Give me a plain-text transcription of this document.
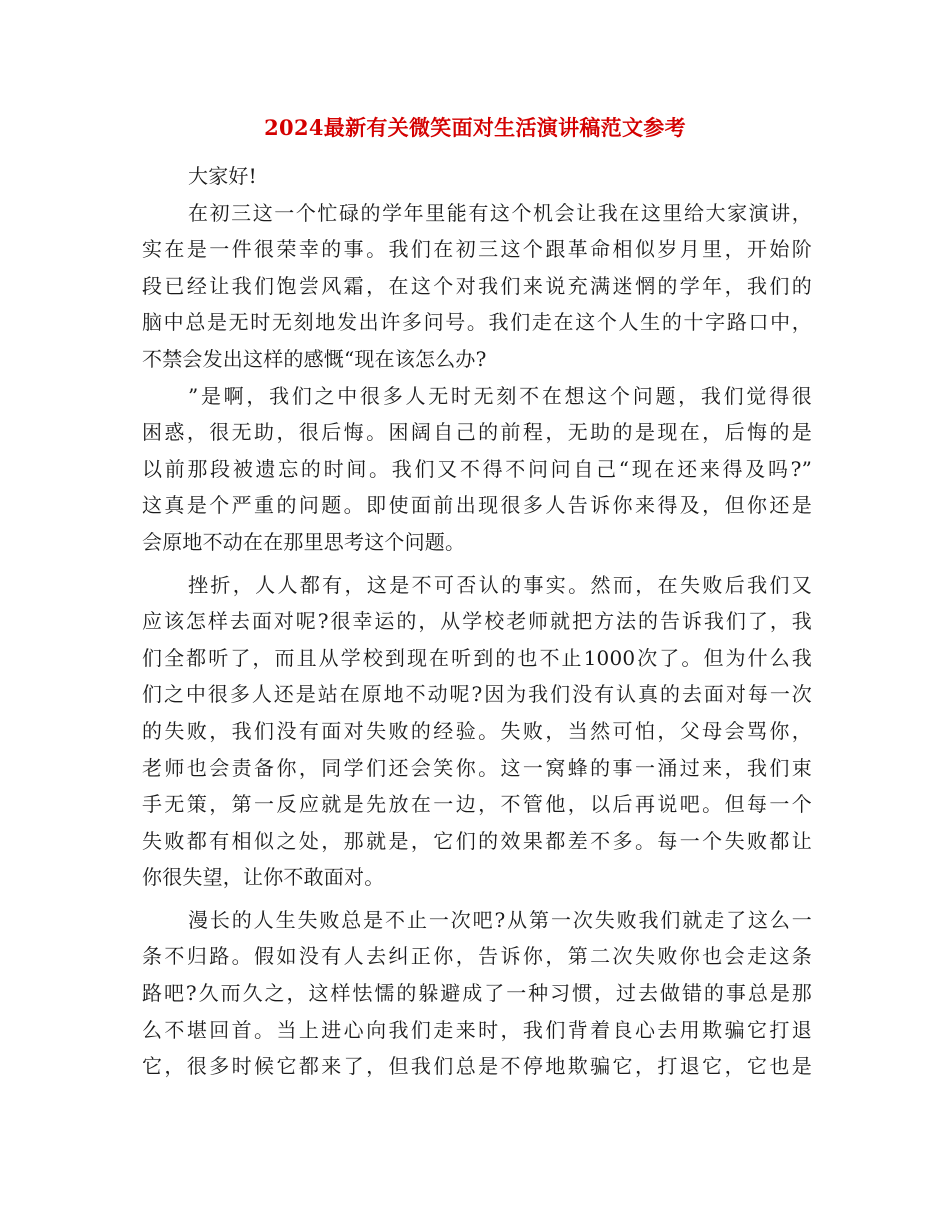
2024最新有关微笑面对生活演讲稿范文参考
大家好!
在初三这一个忙碌的学年里能有这个机会让我在这里给大家演讲，
实在是一件很荣幸的事。我们在初三这个跟革命相似岁月里，开始阶
段已经让我们饱尝风霜，在这个对我们来说充满迷惘的学年，我们的
脑中总是无时无刻地发出许多问号。我们走在这个人生的十字路口中，
不禁会发出这样的感慨“现在该怎么办?
”是啊，我们之中很多人无时无刻不在想这个问题，我们觉得很
困惑，很无助，很后悔。困阔自己的前程，无助的是现在，后悔的是
以前那段被遗忘的时间。我们又不得不问问自己“现在还来得及吗?”
这真是个严重的问题。即使面前出现很多人告诉你来得及，但你还是
会原地不动在在那里思考这个问题。
挫折，人人都有，这是不可否认的事实。然而，在失败后我们又
应该怎样去面对呢?很幸运的，从学校老师就把方法的告诉我们了，我
们全都听了，而且从学校到现在听到的也不止1000次了。但为什么我
们之中很多人还是站在原地不动呢?因为我们没有认真的去面对每一次
的失败，我们没有面对失败的经验。失败，当然可怕，父母会骂你，
老师也会责备你，同学们还会笑你。这一窝蜂的事一涌过来，我们束
手无策，第一反应就是先放在一边，不管他，以后再说吧。但每一个
失败都有相似之处，那就是，它们的效果都差不多。每一个失败都让
你很失望，让你不敢面对。
漫长的人生失败总是不止一次吧?从第一次失败我们就走了这么一
条不归路。假如没有人去纠正你，告诉你，第二次失败你也会走这条
路吧?久而久之，这样怯懦的躲避成了一种习惯，过去做错的事总是那
么不堪回首。当上进心向我们走来时，我们背着良心去用欺骗它打退
它，很多时候它都来了，但我们总是不停地欺骗它，打退它，它也是
